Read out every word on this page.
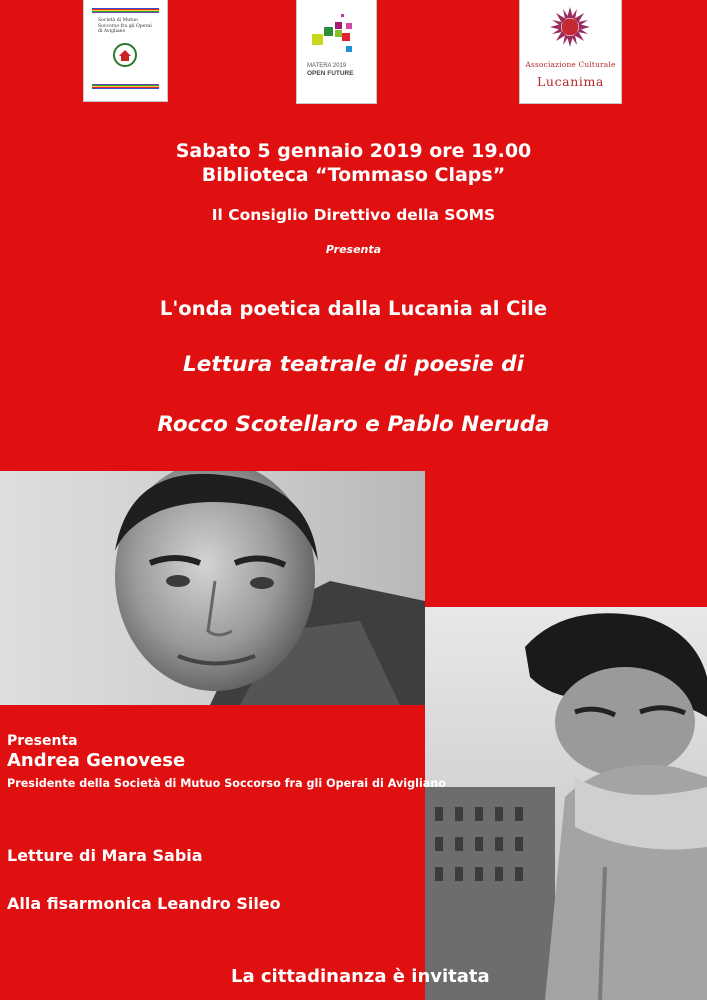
Società di Mutuo Soccorso fra gli Operai di Avigliano
MATERA 2019
OPEN FUTURE
Associazione Culturale
Lucanima
Sabato 5 gennaio 2019 ore 19.00
Biblioteca “Tommaso Claps”
Il Consiglio Direttivo della SOMS
Presenta
L'onda poetica dalla Lucania al Cile
Lettura teatrale di poesie di
Rocco Scotellaro e Pablo Neruda
Presenta
Andrea Genovese
Presidente della Società di Mutuo Soccorso fra gli Operai di Avigliano
Letture di Mara Sabia
Alla fisarmonica Leandro Sileo
La cittadinanza è invitata
